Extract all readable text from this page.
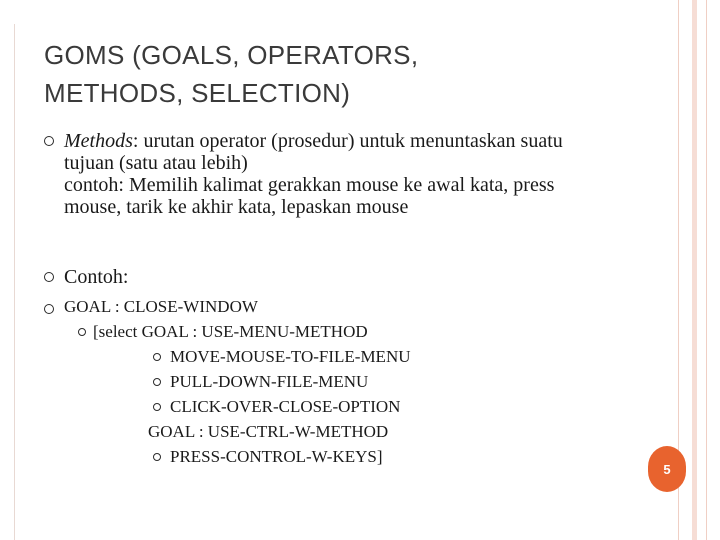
GOMS (GOALS, OPERATORS,
METHODS, SELECTION)
Methods: urutan operator (prosedur) untuk menuntaskan suatu
tujuan (satu atau lebih)
contoh: Memilih kalimat gerakkan mouse ke awal kata, press
mouse, tarik ke akhir kata, lepaskan mouse
Contoh:
GOAL : CLOSE-WINDOW
[select GOAL : USE-MENU-METHOD
MOVE-MOUSE-TO-FILE-MENU
PULL-DOWN-FILE-MENU
CLICK-OVER-CLOSE-OPTION
GOAL : USE-CTRL-W-METHOD
PRESS-CONTROL-W-KEYS]
5
